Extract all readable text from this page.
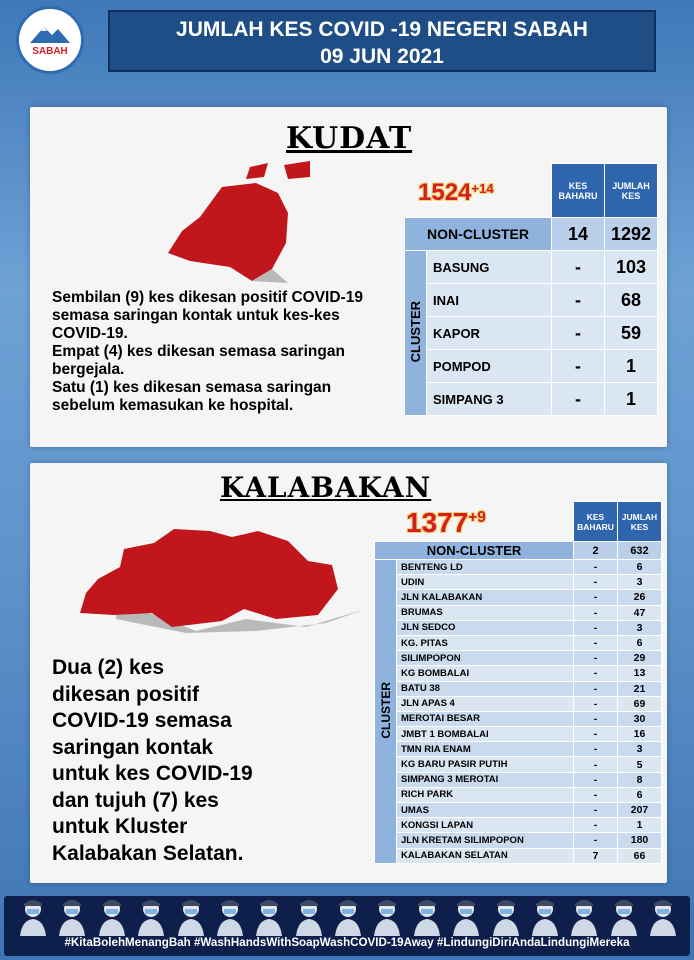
SABAH
JUMLAH KES COVID -19 NEGERI SABAH
09 JUN 2021
KUDAT
$1524^{+14}$
		KES BAHARU	JUMLAH KES
NON-CLUSTER		14	1292
CLUSTER	BASUNG	-	103
	INAI	-	68
	KAPOR	-	59
	POMPOD	-	1
	SIMPANG 3	-	1
Sembilan (9) kes dikesan positif COVID-19 semasa saringan kontak untuk kes-kes COVID-19.
Empat (4) kes dikesan semasa saringan bergejala.
Satu (1) kes dikesan semasa saringan sebelum kemasukan ke hospital.
KALABAKAN
$1377^{+9}$
		KES BAHARU	JUMLAH KES
NON-CLUSTER		2	632
CLUSTER	BENTENG LD	-	6
	UDIN	-	3
	JLN KALABAKAN	-	26
	BRUMAS	-	47
	JLN SEDCO	-	3
	KG. PITAS	-	6
	SILIMPOPON	-	29
	KG BOMBALAI	-	13
	BATU 38	-	21
	JLN APAS 4	-	69
	MEROTAI BESAR	-	30
	JMBT 1 BOMBALAI	-	16
	TMN RIA ENAM	-	3
	KG BARU PASIR PUTIH	-	5
	SIMPANG 3 MEROTAI	-	8
	RICH PARK	-	6
	UMAS	-	207
	KONGSI LAPAN	-	1
	JLN KRETAM SILIMPOPON	-	180
	KALABAKAN SELATAN	7	66
Dua (2) kes
dikesan positif
COVID-19 semasa
saringan kontak
untuk kes COVID-19
dan tujuh (7) kes
untuk Kluster
Kalabakan Selatan.
#KitaBolehMenangBah #WashHandsWithSoapWashCOVID-19Away #LindungiDiriAndaLindungiMereka
